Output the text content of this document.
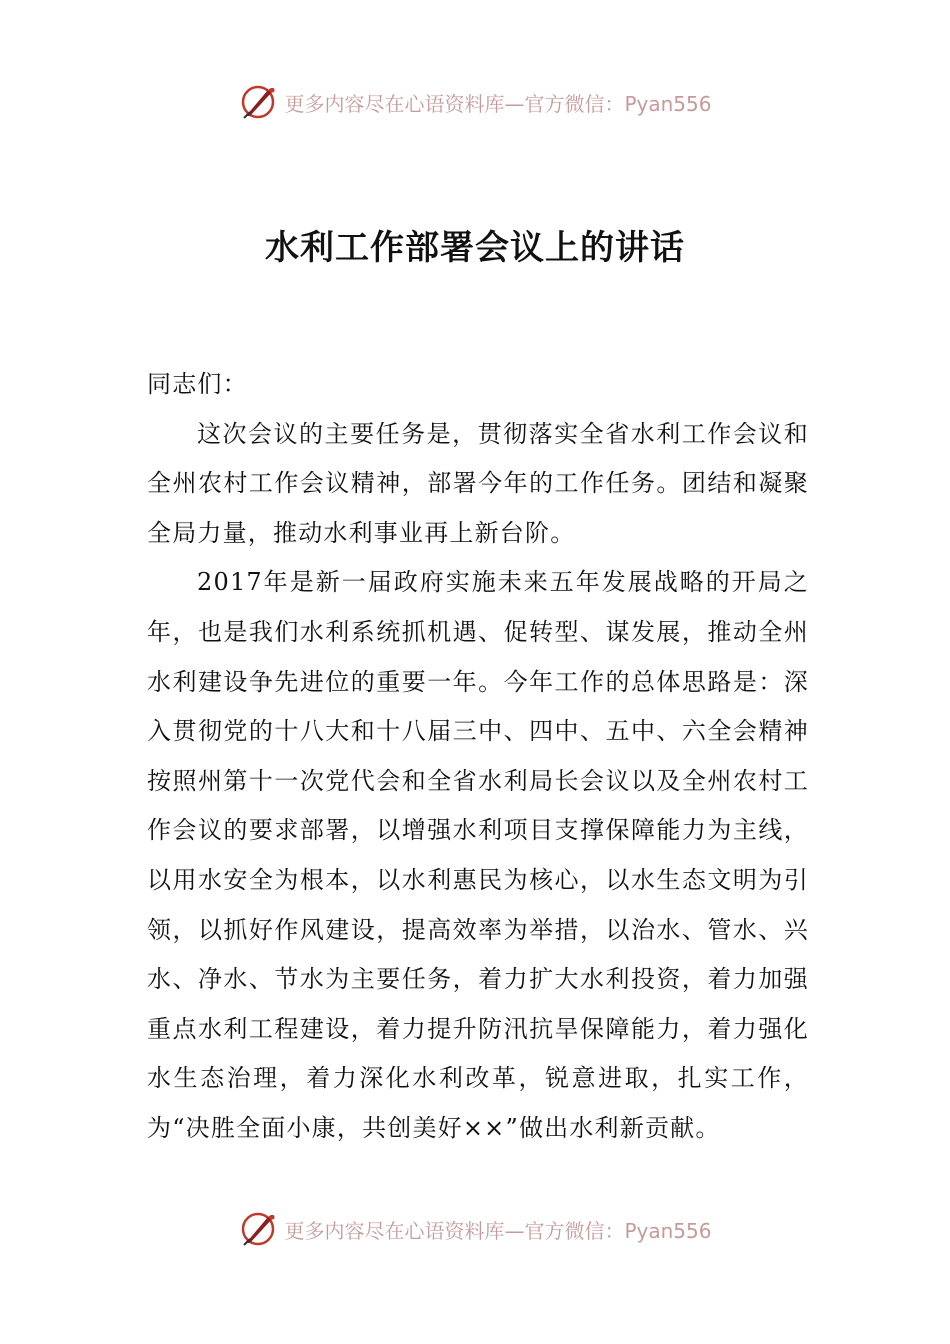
更多内容尽在心语资料库—官方微信：Pyan556
水利工作部署会议上的讲话

同志们：

这次会议的主要任务是，贯彻落实全省水利工作会议和全州农村工作会议精神，部署今年的工作任务。团结和凝聚全局力量，推动水利事业再上新台阶。

2017年是新一届政府实施未来五年发展战略的开局之年，也是我们水利系统抓机遇、促转型、谋发展，推动全州水利建设争先进位的重要一年。今年工作的总体思路是：深入贯彻党的十八大和十八届三中、四中、五中、六全会精神按照州第十一次党代会和全省水利局长会议以及全州农村工作会议的要求部署，以增强水利项目支撑保障能力为主线，以用水安全为根本，以水利惠民为核心，以水生态文明为引领，以抓好作风建设，提高效率为举措，以治水、管水、兴水、净水、节水为主要任务，着力扩大水利投资，着力加强重点水利工程建设，着力提升防汛抗旱保障能力，着力强化水生态治理，着力深化水利改革，锐意进取，扎实工作，为“决胜全面小康，共创美好××”做出水利新贡献。

更多内容尽在心语资料库—官方微信：Pyan556
